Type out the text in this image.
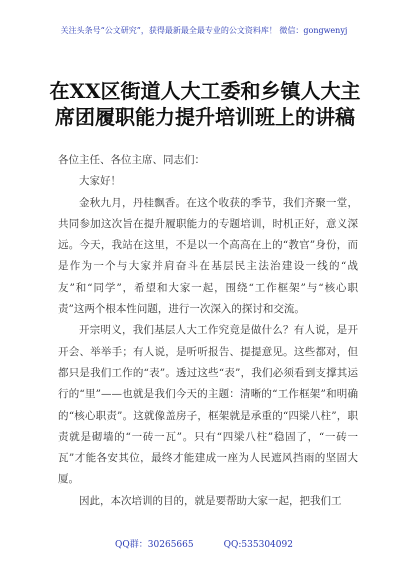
关注头条号“公文研究”，获得最新最全最专业的公文资料库！ 微信：gongwenyj
在XX区街道人大工委和乡镇人大主席团履职能力提升培训班上的讲稿

各位主任、各位主席、同志们：

大家好！

金秋九月，丹桂飘香。在这个收获的季节，我们齐聚一堂，共同参加这次旨在提升履职能力的专题培训，时机正好，意义深远。今天，我站在这里，不是以一个高高在上的“教官”身份，而是作为一个与大家并肩奋斗在基层民主法治建设一线的“战友”和“同学”，希望和大家一起，围绕“工作框架”与“核心职责”这两个根本性问题，进行一次深入的探讨和交流。

开宗明义，我们基层人大工作究竟是做什么？有人说，是开开会、举举手；有人说，是听听报告、提提意见。这些都对，但都只是我们工作的“表”。透过这些“表”，我们必须看到支撑其运行的“里”——也就是我们今天的主题：清晰的“工作框架”和明确的“核心职责”。这就像盖房子，框架就是承重的“四梁八柱”，职责就是砌墙的“一砖一瓦”。只有“四梁八柱”稳固了，“一砖一瓦”才能各安其位，最终才能建成一座为人民遮风挡雨的坚固大厦。

因此，本次培训的目的，就是要帮助大家一起，把我们工

QQ群：30265665	QQ:535304092
